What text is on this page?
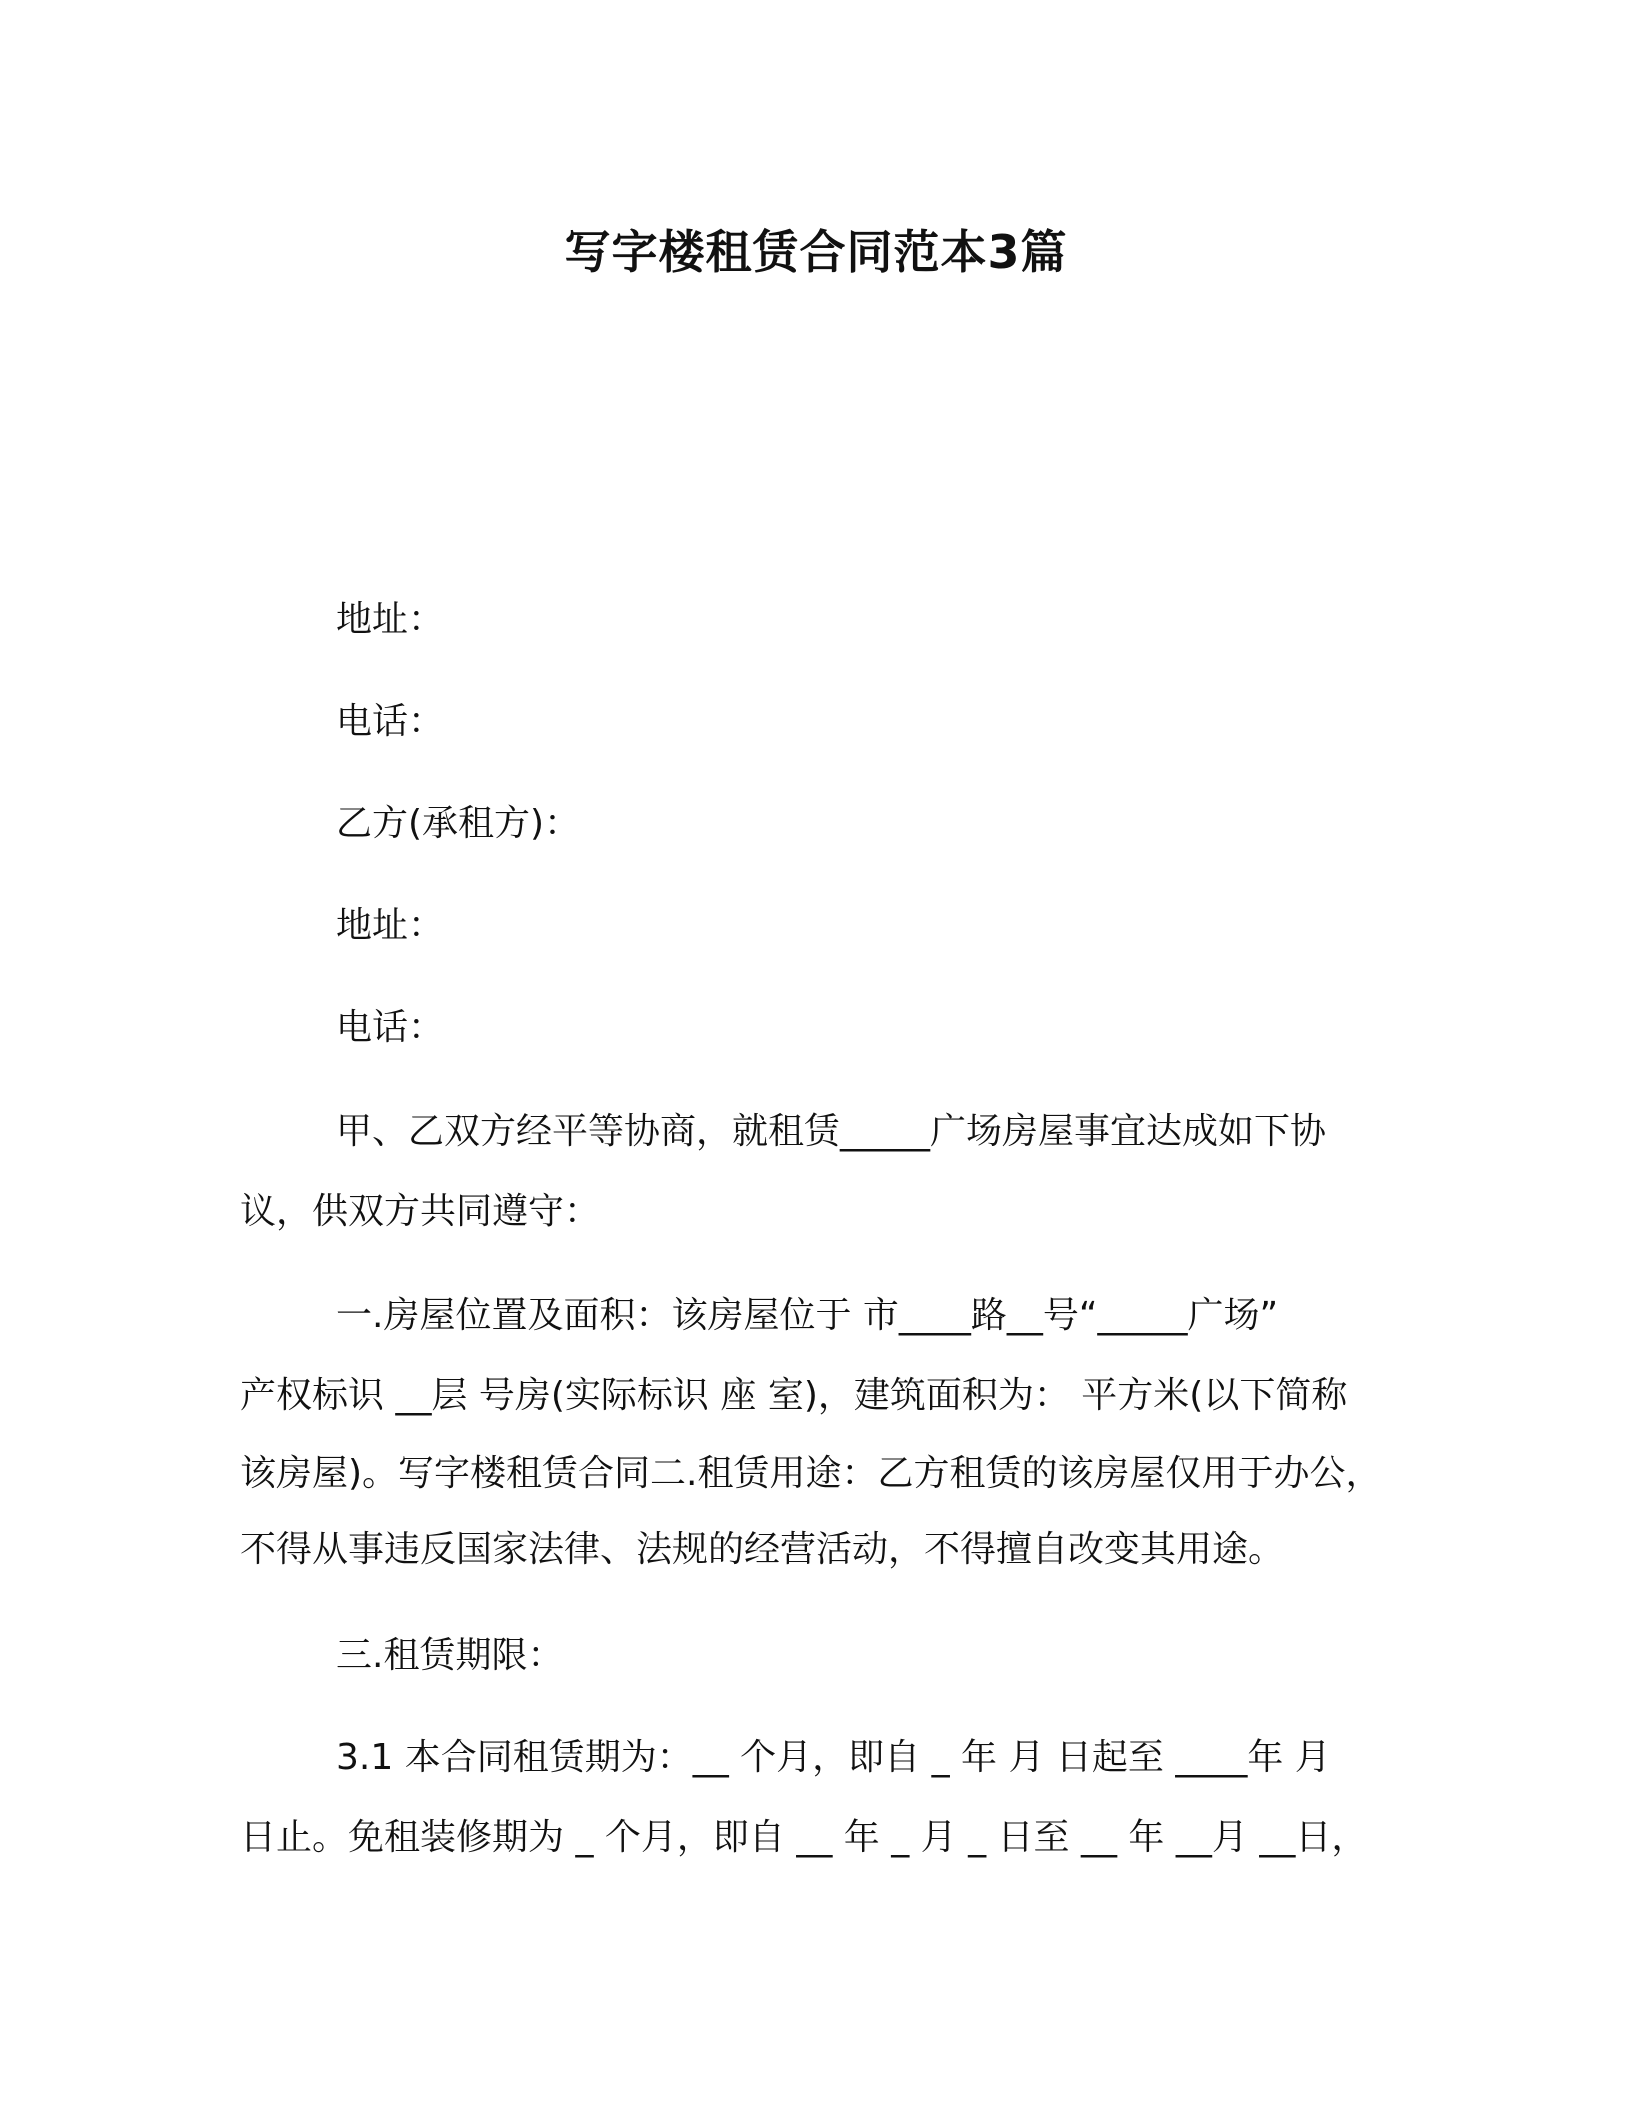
写字楼租赁合同范本3篇

地址：

电话：

乙方(承租方)：

地址：

电话：

甲、乙双方经平等协商，就租赁_____广场房屋事宜达成如下协

议，供双方共同遵守：

一.房屋位置及面积：该房屋位于 市____路__号“_____广场”

产权标识 __层 号房(实际标识 座 室)，建筑面积为： 平方米(以下简称

该房屋)。写字楼租赁合同二.租赁用途：乙方租赁的该房屋仅用于办公，

不得从事违反国家法律、法规的经营活动，不得擅自改变其用途。

三.租赁期限：

3.1 本合同租赁期为：__ 个月，即自 _ 年 月 日起至 ____年 月

日止。免租装修期为 _ 个月，即自 __ 年 _ 月 _ 日至 __ 年 __月 __日，
